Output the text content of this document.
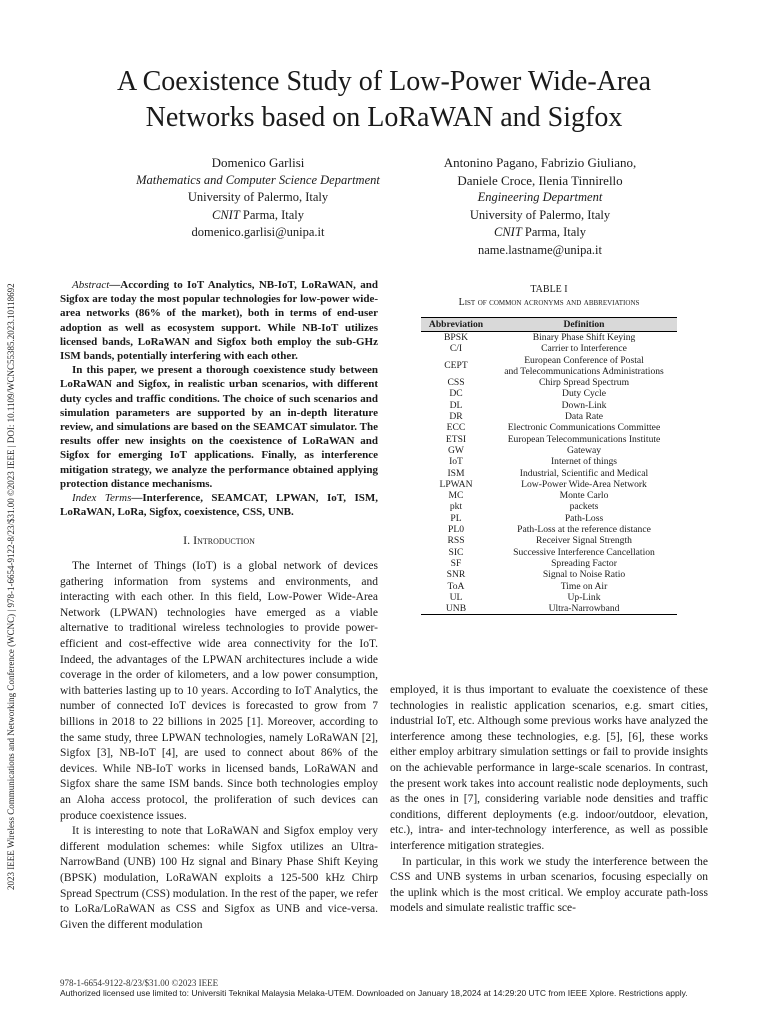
2023 IEEE Wireless Communications and Networking Conference (WCNC) | 978-1-6654-9122-8/23/$31.00 ©2023 IEEE | DOI: 10.1109/WCNC55385.2023.10118692
A Coexistence Study of Low-Power Wide-Area
Networks based on LoRaWAN and Sigfox
Domenico Garlisi
Mathematics and Computer Science Department
University of Palermo, Italy
CNIT Parma, Italy
domenico.garlisi@unipa.it
Antonino Pagano, Fabrizio Giuliano,
Daniele Croce, Ilenia Tinnirello
Engineering Department
University of Palermo, Italy
CNIT Parma, Italy
name.lastname@unipa.it

Abstract—According to IoT Analytics, NB-IoT, LoRaWAN, and Sigfox are today the most popular technologies for low-power wide-area networks (86% of the market), both in terms of end-user adoption as well as ecosystem support. While NB-IoT utilizes licensed bands, LoRaWAN and Sigfox both employ the sub-GHz ISM bands, potentially interfering with each other.

In this paper, we present a thorough coexistence study between LoRaWAN and Sigfox, in realistic urban scenarios, with different duty cycles and traffic conditions. The choice of such scenarios and simulation parameters are supported by an in-depth literature review, and simulations are based on the SEAMCAT simulator. The results offer new insights on the coexistence of LoRaWAN and Sigfox for emerging IoT applications. Finally, as interference mitigation strategy, we analyze the performance obtained applying protection distance mechanisms.

Index Terms—Interference, SEAMCAT, LPWAN, IoT, ISM, LoRaWAN, LoRa, Sigfox, coexistence, CSS, UNB.

I. Introduction

The Internet of Things (IoT) is a global network of devices gathering information from systems and environments, and interacting with each other. In this field, Low-Power Wide-Area Network (LPWAN) technologies have emerged as a viable alternative to traditional wireless technologies to provide power-efficient and cost-effective wide area connectivity for the IoT. Indeed, the advantages of the LPWAN architectures include a wide coverage in the order of kilometers, and a low power consumption, with batteries lasting up to 10 years. According to IoT Analytics, the number of connected IoT devices is forecasted to grow from 7 billions in 2018 to 22 billions in 2025 [1]. Moreover, according to the same study, three LPWAN technologies, namely LoRaWAN [2], Sigfox [3], NB-IoT [4], are used to connect about 86% of the devices. While NB-IoT works in licensed bands, LoRaWAN and Sigfox share the same ISM bands. Since both technologies employ an Aloha access protocol, the proliferation of such devices can produce coexistence issues.

It is interesting to note that LoRaWAN and Sigfox employ very different modulation schemes: while Sigfox utilizes an Ultra-NarrowBand (UNB) 100 Hz signal and Binary Phase Shift Keying (BPSK) modulation, LoRaWAN exploits a 125-500 kHz Chirp Spread Spectrum (CSS) modulation. In the rest of the paper, we refer to LoRa/LoRaWAN as CSS and Sigfox as UNB and vice-versa. Given the different modulation

TABLE I
List of common acronyms and abbreviations
Abbreviation	Definition
BPSK	Binary Phase Shift Keying

C/I	Carrier to Interference

CEPT	European Conference of Postal
and Telecommunications Administrations

CSS	Chirp Spread Spectrum

DC	Duty Cycle

DL	Down-Link

DR	Data Rate

ECC	Electronic Communications Committee

ETSI	European Telecommunications Institute

GW	Gateway

IoT	Internet of things

ISM	Industrial, Scientific and Medical

LPWAN	Low-Power Wide-Area Network

MC	Monte Carlo

pkt	packets

PL	Path-Loss

PL0	Path-Loss at the reference distance

RSS	Receiver Signal Strength

SIC	Successive Interference Cancellation

SF	Spreading Factor

SNR	Signal to Noise Ratio

ToA	Time on Air

UL	Up-Link

UNB	Ultra-Narrowband

employed, it is thus important to evaluate the coexistence of these technologies in realistic application scenarios, e.g. smart cities, industrial IoT, etc. Although some previous works have analyzed the interference among these technologies, e.g. [5], [6], these works either employ arbitrary simulation settings or fail to provide insights on the achievable performance in large-scale scenarios. In contrast, the present work takes into account realistic node deployments, such as the ones in [7], considering variable node densities and traffic conditions, different deployments (e.g. indoor/outdoor, elevation, etc.), intra- and inter-technology interference, as well as possible interference mitigation strategies.

In particular, in this work we study the interference between the CSS and UNB systems in urban scenarios, focusing especially on the uplink which is the most critical. We employ accurate path-loss models and simulate realistic traffic sce-

978-1-6654-9122-8/23/$31.00 ©2023 IEEE
Authorized licensed use limited to: Universiti Teknikal Malaysia Melaka-UTEM. Downloaded on January 18,2024 at 14:29:20 UTC from IEEE Xplore. Restrictions apply.
